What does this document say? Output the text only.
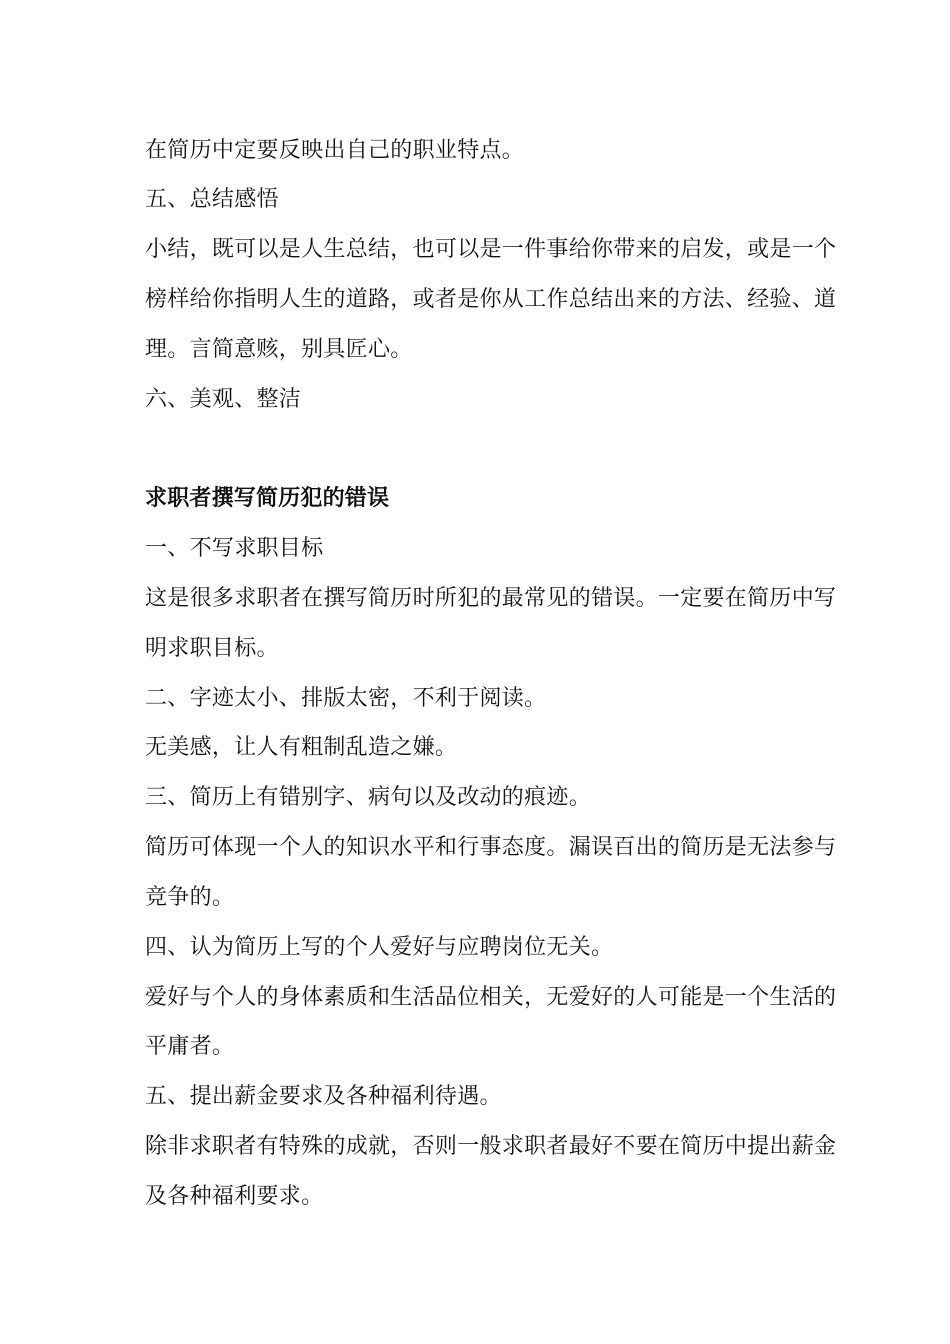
在简历中定要反映出自己的职业特点。
五、总结感悟
小结，既可以是人生总结，也可以是一件事给你带来的启发，或是一个
榜样给你指明人生的道路，或者是你从工作总结出来的方法、经验、道
理。言简意赅，别具匠心。
六、美观、整洁
求职者撰写简历犯的错误
一、不写求职目标
这是很多求职者在撰写简历时所犯的最常见的错误。一定要在简历中写
明求职目标。
二、字迹太小、排版太密，不利于阅读。
无美感，让人有粗制乱造之嫌。
三、简历上有错别字、病句以及改动的痕迹。
简历可体现一个人的知识水平和行事态度。漏误百出的简历是无法参与
竞争的。
四、认为简历上写的个人爱好与应聘岗位无关。
爱好与个人的身体素质和生活品位相关，无爱好的人可能是一个生活的
平庸者。
五、提出薪金要求及各种福利待遇。
除非求职者有特殊的成就，否则一般求职者最好不要在简历中提出薪金
及各种福利要求。
